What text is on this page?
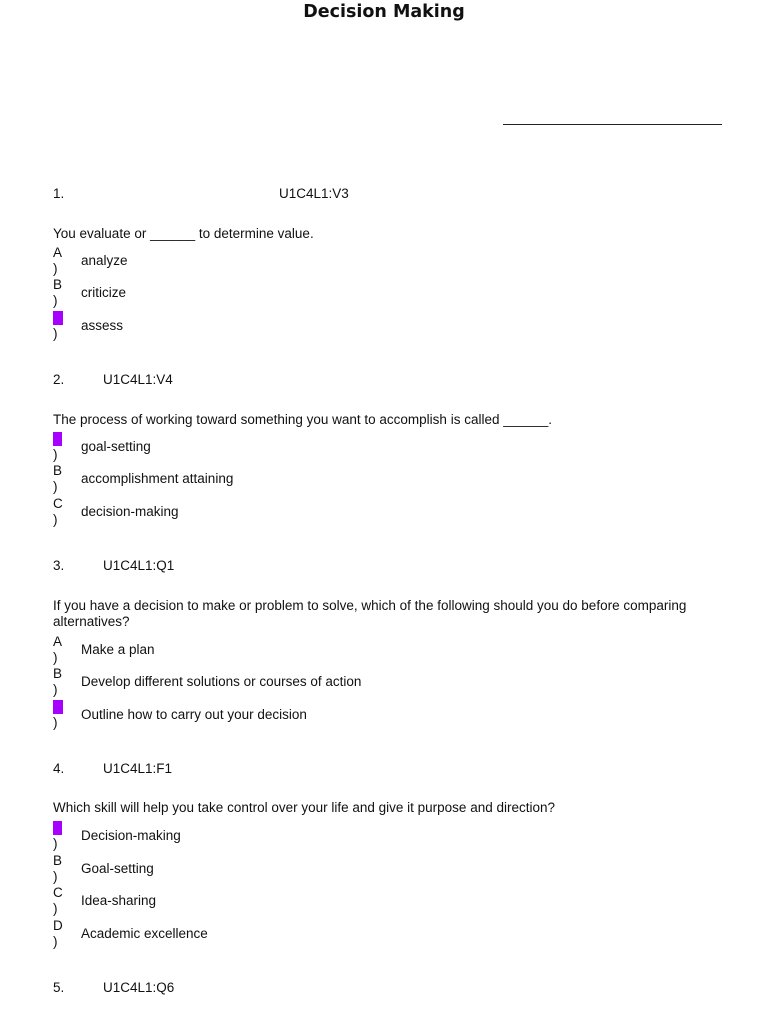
Decision Making
1.	U1C4L1:V3
You evaluate or ______ to determine value.
A
)
analyze
B
)
criticize
C
)
assess
2.	U1C4L1:V4
The process of working toward something you want to accomplish is called ______.
A
)
goal-setting
B
)
accomplishment attaining
C
)
decision-making
3.	U1C4L1:Q1
If you have a decision to make or problem to solve, which of the following should you do before comparing alternatives?
A
)
Make a plan
B
)
Develop different solutions or courses of action
C
)
Outline how to carry out your decision
4.	U1C4L1:F1
Which skill will help you take control over your life and give it purpose and direction?
A
)
Decision-making
B
)
Goal-setting
C
)
Idea-sharing
D
)
Academic excellence
5.	U1C4L1:Q6
